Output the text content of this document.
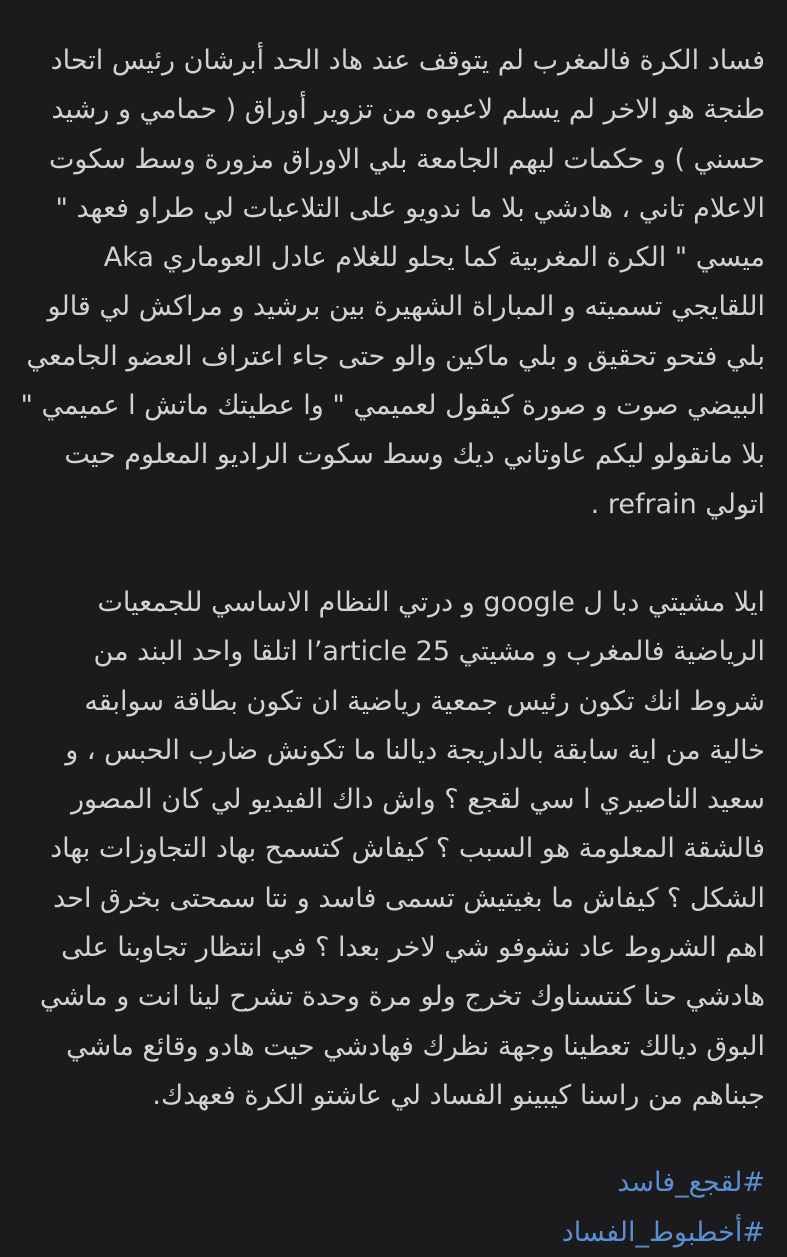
فساد الكرة فالمغرب لم يتوقف عند هاد الحد أبرشان رئيس اتحاد طنجة هو الاخر لم يسلم لاعبوه من تزوير أوراق ( حمامي و رشيد حسني ) و حكمات ليهم الجامعة بلي الاوراق مزورة وسط سكوت الاعلام تاني ، هادشي بلا ما ندويو على التلاعبات لي طراو فعهد " ميسي " الكرة المغربية كما يحلو للغلام عادل العوماري Aka اللقايجي تسميته و المباراة الشهيرة بين برشيد و مراكش لي قالو بلي فتحو تحقيق و بلي ماكين والو حتى جاء اعتراف العضو الجامعي البيضي صوت و صورة كيقول لعميمي " وا عطيتك ماتش ا عميمي " بلا مانقولو ليكم عاوتاني ديك وسط سكوت الراديو المعلوم حيت اتولي refrain .

ايلا مشيتي دبا ل google و درتي النظام الاساسي للجمعيات الرياضية فالمغرب و مشيتي l’article 25 اتلقا واحد البند من شروط انك تكون رئيس جمعية رياضية ان تكون بطاقة سوابقه خالية من اية سابقة بالداريجة ديالنا ما تكونش ضارب الحبس ، و سعيد الناصيري ا سي لقجع ؟ واش داك الفيديو لي كان المصور فالشقة المعلومة هو السبب ؟ كيفاش كتسمح بهاد التجاوزات بهاد الشكل ؟ كيفاش ما بغيتيش تسمى فاسد و نتا سمحتى بخرق احد اهم الشروط عاد نشوفو شي لاخر بعدا ؟ في انتظار تجاوبنا على هادشي حنا كنتسناوك تخرج ولو مرة وحدة تشرح لينا انت و ماشي البوق ديالك تعطينا وجهة نظرك فهادشي حيت هادو وقائع ماشي جبناهم من راسنا كيبينو الفساد لي عاشتو الكرة فعهدك.

#لقجع_فاسد
#أخطبوط_الفساد
